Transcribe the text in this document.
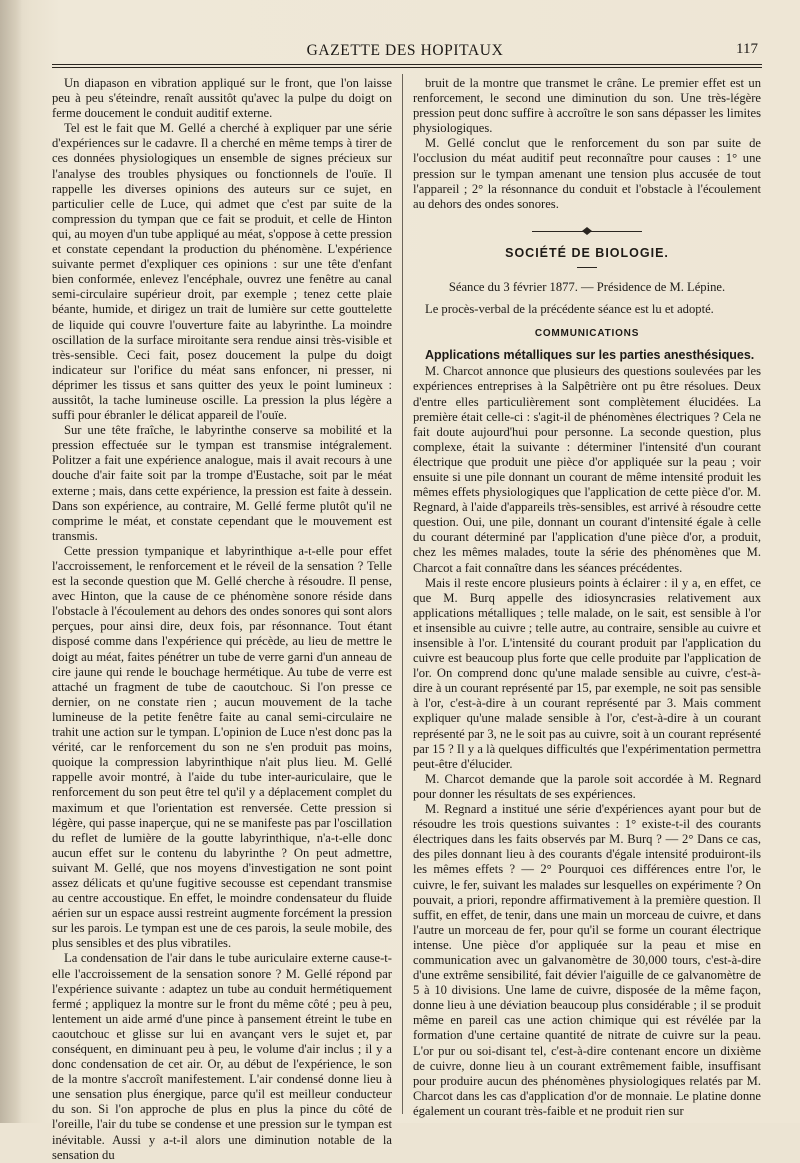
GAZETTE DES HOPITAUX	117

Un diapason en vibration appliqué sur le front, que l'on laisse peu à peu s'éteindre, renaît aussitôt qu'avec la pulpe du doigt on ferme doucement le conduit auditif externe.

Tel est le fait que M. Gellé a cherché à expliquer par une série d'expériences sur le cadavre. Il a cherché en même temps à tirer de ces données physiologiques un ensemble de signes précieux sur l'analyse des troubles physiques ou fonctionnels de l'ouïe. Il rappelle les diverses opinions des auteurs sur ce sujet, en particulier celle de Luce, qui admet que c'est par suite de la compression du tympan que ce fait se produit, et celle de Hinton qui, au moyen d'un tube appliqué au méat, s'oppose à cette pression et constate cependant la production du phénomène. L'expérience suivante permet d'expliquer ces opinions : sur une tête d'enfant bien conformée, enlevez l'encéphale, ouvrez une fenêtre au canal semi-circulaire supérieur droit, par exemple ; tenez cette plaie béante, humide, et dirigez un trait de lumière sur cette gouttelette de liquide qui couvre l'ouverture faite au labyrinthe. La moindre oscillation de la surface miroitante sera rendue ainsi très-visible et très-sensible. Ceci fait, posez doucement la pulpe du doigt indicateur sur l'orifice du méat sans enfoncer, ni presser, ni déprimer les tissus et sans quitter des yeux le point lumineux : aussitôt, la tache lumineuse oscille. La pression la plus légère a suffi pour ébranler le délicat appareil de l'ouïe.

Sur une tête fraîche, le labyrinthe conserve sa mobilité et la pression effectuée sur le tympan est transmise intégralement. Politzer a fait une expérience analogue, mais il avait recours à une douche d'air faite soit par la trompe d'Eustache, soit par le méat externe ; mais, dans cette expérience, la pression est faite à dessein. Dans son expérience, au contraire, M. Gellé ferme plutôt qu'il ne comprime le méat, et constate cependant que le mouvement est transmis.

Cette pression tympanique et labyrinthique a-t-elle pour effet l'accroissement, le renforcement et le réveil de la sensation ? Telle est la seconde question que M. Gellé cherche à résoudre. Il pense, avec Hinton, que la cause de ce phénomène sonore réside dans l'obstacle à l'écoulement au dehors des ondes sonores qui sont alors perçues, pour ainsi dire, deux fois, par résonnance. Tout étant disposé comme dans l'expérience qui précède, au lieu de mettre le doigt au méat, faites pénétrer un tube de verre garni d'un anneau de cire jaune qui rende le bouchage hermétique. Au tube de verre est attaché un fragment de tube de caoutchouc. Si l'on presse ce dernier, on ne constate rien ; aucun mouvement de la tache lumineuse de la petite fenêtre faite au canal semi-circulaire ne trahit une action sur le tympan. L'opinion de Luce n'est donc pas la vérité, car le renforcement du son ne s'en produit pas moins, quoique la compression labyrinthique n'ait plus lieu. M. Gellé rappelle avoir montré, à l'aide du tube inter-auriculaire, que le renforcement du son peut être tel qu'il y a déplacement complet du maximum et que l'orientation est renversée. Cette pression si légère, qui passe inaperçue, qui ne se manifeste pas par l'oscillation du reflet de lumière de la goutte labyrinthique, n'a-t-elle donc aucun effet sur le contenu du labyrinthe ? On peut admettre, suivant M. Gellé, que nos moyens d'investigation ne sont point assez délicats et qu'une fugitive secousse est cependant transmise au centre accoustique. En effet, le moindre condensateur du fluide aérien sur un espace aussi restreint augmente forcément la pression sur les parois. Le tympan est une de ces parois, la seule mobile, des plus sensibles et des plus vibratiles.

La condensation de l'air dans le tube auriculaire externe cause-t-elle l'accroissement de la sensation sonore ? M. Gellé répond par l'expérience suivante : adaptez un tube au conduit hermétiquement fermé ; appliquez la montre sur le front du même côté ; peu à peu, lentement un aide armé d'une pince à pansement étreint le tube en caoutchouc et glisse sur lui en avançant vers le sujet et, par conséquent, en diminuant peu à peu, le volume d'air inclus ; il y a donc condensation de cet air. Or, au début de l'expérience, le son de la montre s'accroît manifestement. L'air condensé donne lieu à une sensation plus énergique, parce qu'il est meilleur conducteur du son. Si l'on approche de plus en plus la pince du côté de l'oreille, l'air du tube se condense et une pression sur le tympan est inévitable. Aussi y a-t-il alors une diminution notable de la sensation du

bruit de la montre que transmet le crâne. Le premier effet est un renforcement, le second une diminution du son. Une très-légère pression peut donc suffire à accroître le son sans dépasser les limites physiologiques.

M. Gellé conclut que le renforcement du son par suite de l'occlusion du méat auditif peut reconnaître pour causes : 1° une pression sur le tympan amenant une tension plus accusée de tout l'appareil ; 2° la résonnance du conduit et l'obstacle à l'écoulement au dehors des ondes sonores.

SOCIÉTÉ DE BIOLOGIE.

Séance du 3 février 1877. — Présidence de M. Lépine.

Le procès-verbal de la précédente séance est lu et adopté.

COMMUNICATIONS

Applications métalliques sur les parties anesthésiques.

M. Charcot annonce que plusieurs des questions soulevées par les expériences entreprises à la Salpêtrière ont pu être résolues. Deux d'entre elles particulièrement sont complètement élucidées. La première était celle-ci : s'agit-il de phénomènes électriques ? Cela ne fait doute aujourd'hui pour personne. La seconde question, plus complexe, était la suivante : déterminer l'intensité d'un courant électrique que produit une pièce d'or appliquée sur la peau ; voir ensuite si une pile donnant un courant de même intensité produit les mêmes effets physiologiques que l'application de cette pièce d'or. M. Regnard, à l'aide d'appareils très-sensibles, est arrivé à résoudre cette question. Oui, une pile, donnant un courant d'intensité égale à celle du courant déterminé par l'application d'une pièce d'or, a produit, chez les mêmes malades, toute la série des phénomènes que M. Charcot a fait connaître dans les séances précédentes.

Mais il reste encore plusieurs points à éclairer : il y a, en effet, ce que M. Burq appelle des idiosyncrasies relativement aux applications métalliques ; telle malade, on le sait, est sensible à l'or et insensible au cuivre ; telle autre, au contraire, sensible au cuivre et insensible à l'or. L'intensité du courant produit par l'application du cuivre est beaucoup plus forte que celle produite par l'application de l'or. On comprend donc qu'une malade sensible au cuivre, c'est-à-dire à un courant représenté par 15, par exemple, ne soit pas sensible à l'or, c'est-à-dire à un courant représenté par 3. Mais comment expliquer qu'une malade sensible à l'or, c'est-à-dire à un courant représenté par 3, ne le soit pas au cuivre, soit à un courant représenté par 15 ? Il y a là quelques difficultés que l'expérimentation permettra peut-être d'élucider.

M. Charcot demande que la parole soit accordée à M. Regnard pour donner les résultats de ses expériences.

M. Regnard a institué une série d'expériences ayant pour but de résoudre les trois questions suivantes : 1° existe-t-il des courants électriques dans les faits observés par M. Burq ? — 2° Dans ce cas, des piles donnant lieu à des courants d'égale intensité produiront-ils les mêmes effets ? — 2° Pourquoi ces différences entre l'or, le cuivre, le fer, suivant les malades sur lesquelles on expérimente ? On pouvait, a priori, repondre affirmativement à la première question. Il suffit, en effet, de tenir, dans une main un morceau de cuivre, et dans l'autre un morceau de fer, pour qu'il se forme un courant électrique intense. Une pièce d'or appliquée sur la peau et mise en communication avec un galvanomètre de 30,000 tours, c'est-à-dire d'une extrême sensibilité, fait dévier l'aiguille de ce galvanomètre de 5 à 10 divisions. Une lame de cuivre, disposée de la même façon, donne lieu à une déviation beaucoup plus considérable ; il se produit même en pareil cas une action chimique qui est révélée par la formation d'une certaine quantité de nitrate de cuivre sur la peau. L'or pur ou soi-disant tel, c'est-à-dire contenant encore un dixième de cuivre, donne lieu à un courant extrêmement faible, insuffisant pour produire aucun des phénomènes physiologiques relatés par M. Charcot dans les cas d'application d'or de monnaie. Le platine donne également un courant très-faible et ne produit rien sur
